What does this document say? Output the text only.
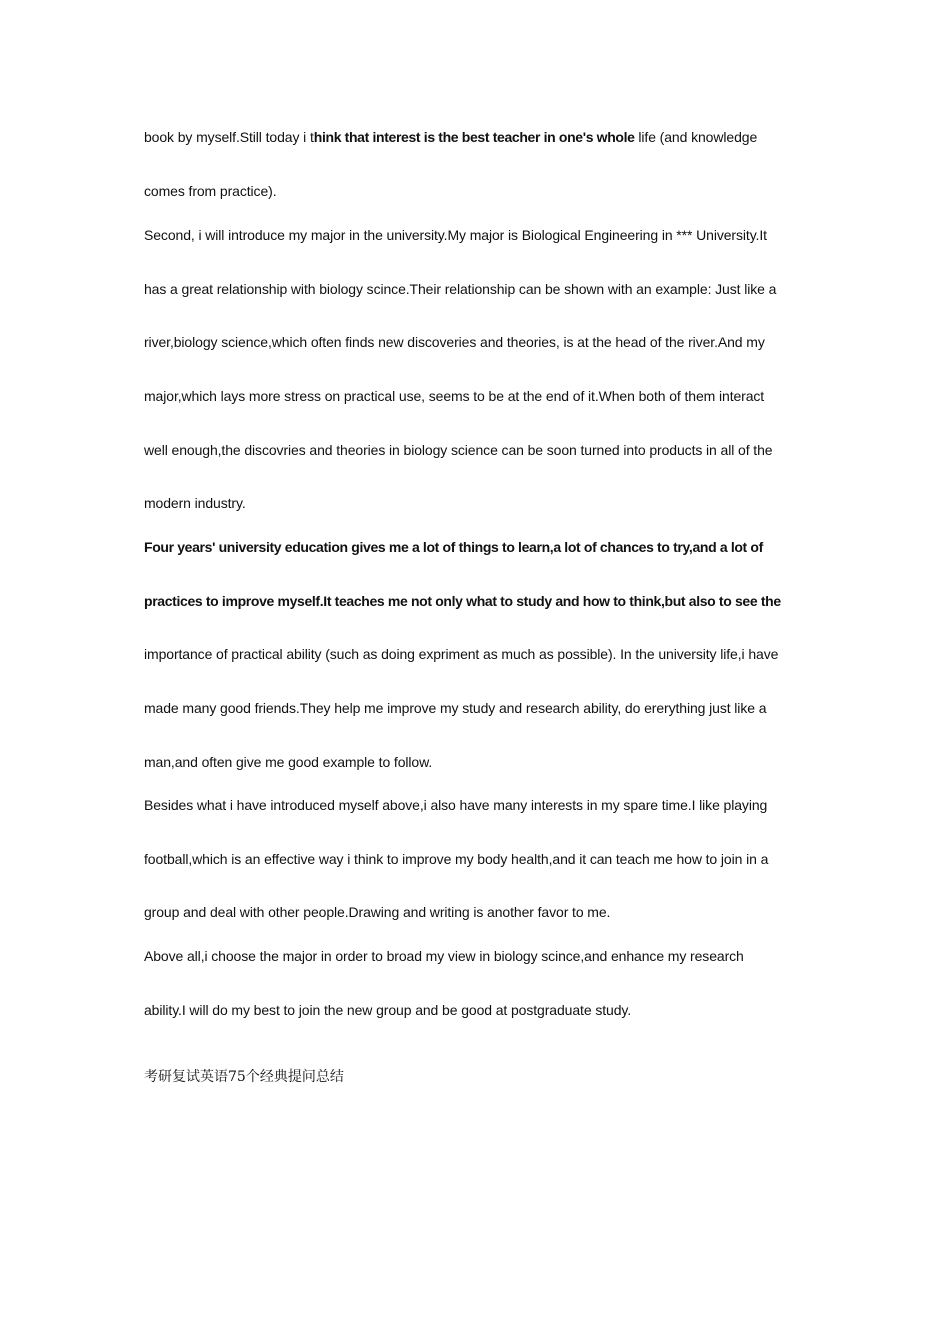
book by myself.Still today i think that interest is the best teacher in one's whole life (and knowledge
comes from practice).
Second, i will introduce my major in the university.My major is Biological Engineering in *** University.It
has a great relationship with biology scince.Their relationship can be shown with an example: Just like a
river,biology science,which often finds new discoveries and theories, is at the head of the river.And my
major,which lays more stress on practical use, seems to be at the end of it.When both of them interact
well enough,the discovries and theories in biology science can be soon turned into products in all of the
modern industry.
Four years' university education gives me a lot of things to learn,a lot of chances to try,and a lot of
practices to improve myself.It teaches me not only what to study and how to think,but also to see the
importance of practical ability (such as doing expriment as much as possible). In the university life,i have
made many good friends.They help me improve my study and research ability, do ererything just like a
man,and often give me good example to follow.
Besides what i have introduced myself above,i also have many interests in my spare time.I like playing
football,which is an effective way i think to improve my body health,and it can teach me how to join in a
group and deal with other people.Drawing and writing is another favor to me.
Above all,i choose the major in order to broad my view in biology scince,and enhance my research
ability.I will do my best to join the new group and be good at postgraduate study.
考研复试英语75个经典提问总结
